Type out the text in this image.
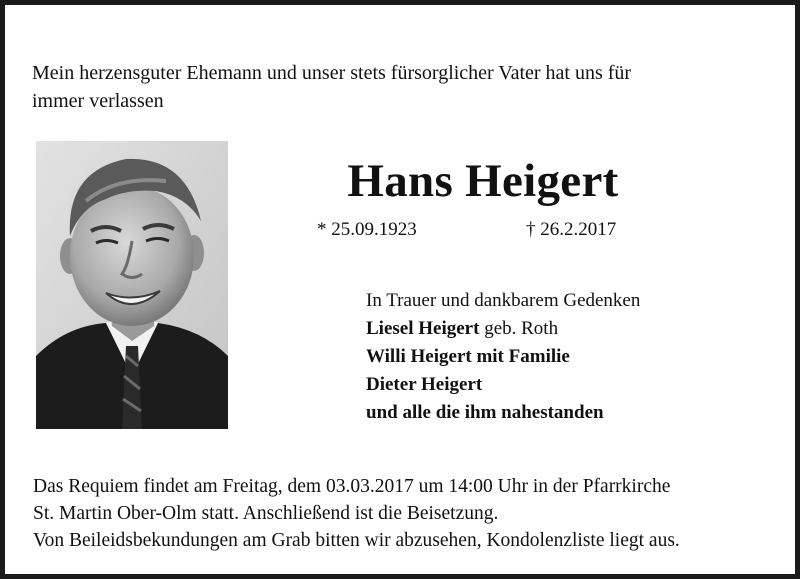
Mein herzensguter Ehemann und unser stets fürsorglicher Vater hat uns für
immer verlassen
Hans Heigert
* 25.09.1923	† 26.2.2017
In Trauer und dankbarem Gedenken
Liesel Heigert geb. Roth
Willi Heigert mit Familie
Dieter Heigert
und alle die ihm nahestanden
Das Requiem findet am Freitag, dem 03.03.2017 um 14:00 Uhr in der Pfarrkirche
St. Martin Ober-Olm statt. Anschließend ist die Beisetzung.
Von Beileidsbekundungen am Grab bitten wir abzusehen, Kondolenzliste liegt aus.
